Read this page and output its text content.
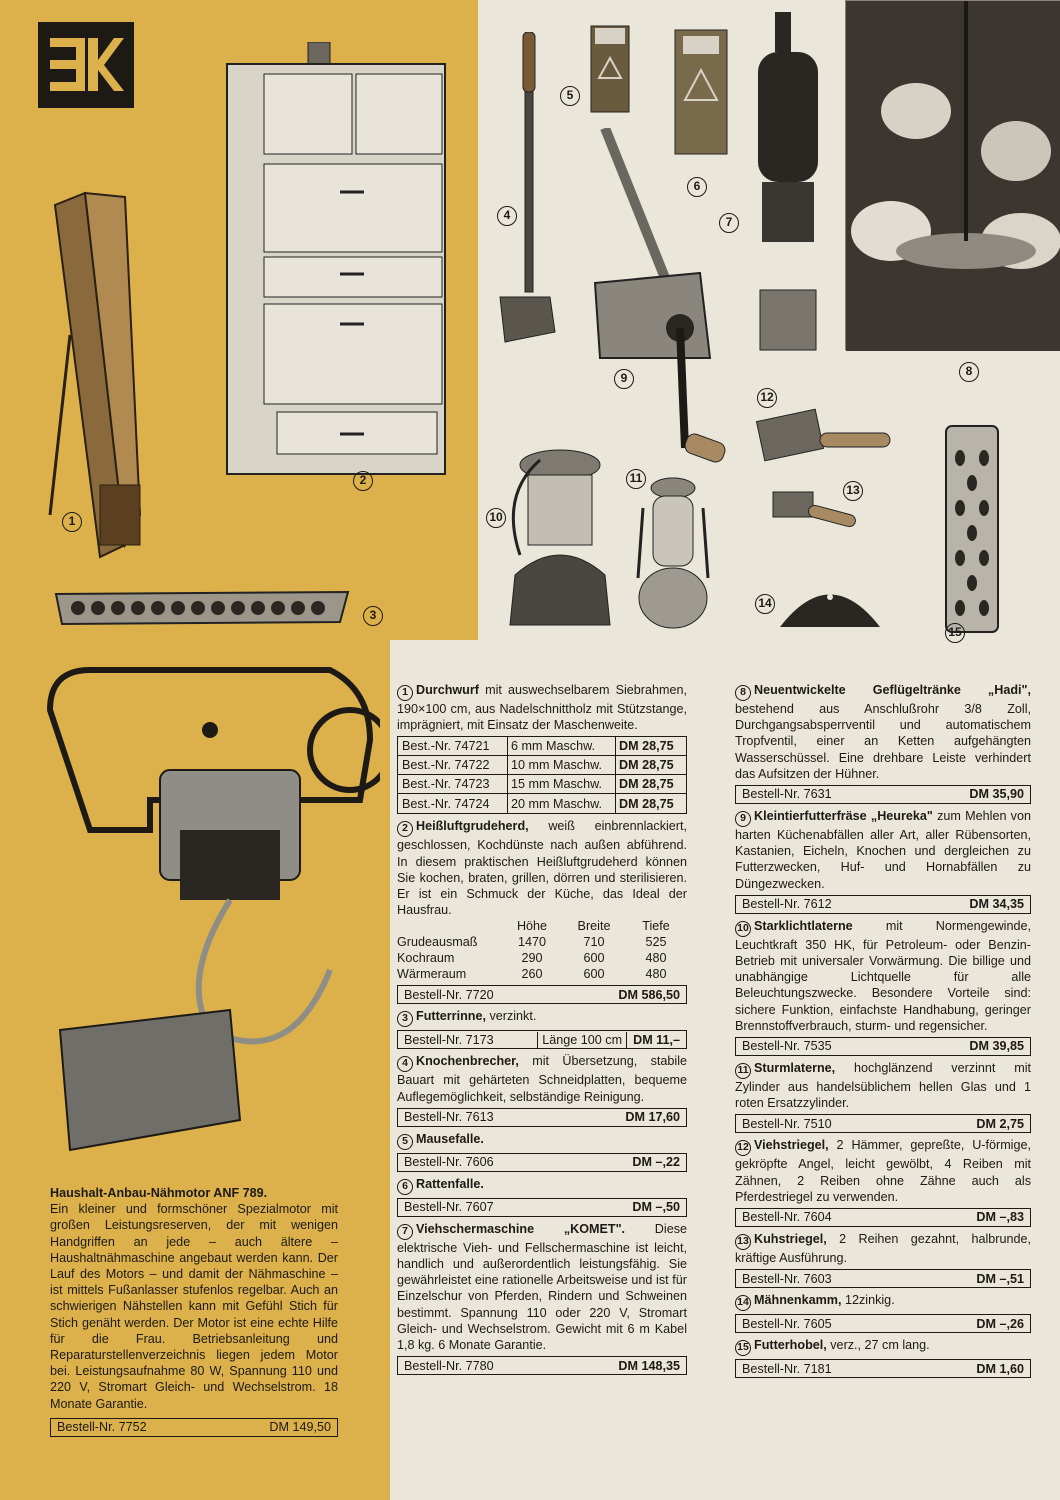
1
2
3
4
5
6
7
8
9
10
11
12
13
14
15
Haushalt-Anbau-Nähmotor ANF 789.
Ein kleiner und formschöner Spezialmotor mit großen Leistungsreserven, der mit wenigen Handgriffen an jede – auch ältere – Haushaltnähmaschine angebaut werden kann. Der Lauf des Motors – und damit der Nähmaschine – ist mittels Fußanlasser stufenlos regelbar. Auch an schwierigen Nähstellen kann mit Gefühl Stich für Stich genäht werden. Der Motor ist eine echte Hilfe für die Frau. Betriebsanleitung und Reparaturstellenverzeichnis liegen jedem Motor bei. Leistungsaufnahme 80 W, Spannung 110 und 220 V, Stromart Gleich- und Wechselstrom. 18 Monate Garantie.
Bestell-Nr. 7752	DM 149,50
1 Durchwurf mit auswechselbarem Siebrahmen, 190×100 cm, aus Nadelschnittholz mit Stützstange, imprägniert, mit Einsatz der Maschenweite.
Best.-Nr. 74721	6 mm Maschw.	DM 28,75
Best.-Nr. 74722	10 mm Maschw.	DM 28,75
Best.-Nr. 74723	15 mm Maschw.	DM 28,75
Best.-Nr. 74724	20 mm Maschw.	DM 28,75
2 Heißluftgrudeherd, weiß einbrennlackiert, geschlossen, Kochdünste nach außen abführend. In diesem praktischen Heißluftgrudeherd können Sie kochen, braten, grillen, dörren und sterilisieren. Er ist ein Schmuck der Küche, das Ideal der Hausfrau.
	Höhe	Breite	Tiefe
Grudeausmaß	1470	710	525
Kochraum	290	600	480
Wärmeraum	260	600	480
Bestell-Nr. 7720	DM 586,50
3 Futterrinne, verzinkt.
Bestell-Nr. 7173	Länge 100 cm DM 11,–
4 Knochenbrecher, mit Übersetzung, stabile Bauart mit gehärteten Schneidplatten, bequeme Auflegemöglichkeit, selbständige Reinigung.
Bestell-Nr. 7613	DM 17,60
5 Mausefalle.
Bestell-Nr. 7606	DM –,22
6 Rattenfalle.
Bestell-Nr. 7607	DM –,50
7 Viehschermaschine „KOMET". Diese elektrische Vieh- und Fellschermaschine ist leicht, handlich und außerordentlich leistungsfähig. Sie gewährleistet eine rationelle Arbeitsweise und ist für Einzelschur von Pferden, Rindern und Schweinen bestimmt. Spannung 110 oder 220 V, Stromart Gleich- und Wechselstrom. Gewicht mit 6 m Kabel 1,8 kg. 6 Monate Garantie.
Bestell-Nr. 7780	DM 148,35
8 Neuentwickelte Geflügeltränke „Hadi", bestehend aus Anschlußrohr 3/8 Zoll, Durchgangsabsperrventil und automatischem Tropfventil, einer an Ketten aufgehängten Wasserschüssel. Eine drehbare Leiste verhindert das Aufsitzen der Hühner.
Bestell-Nr. 7631	DM 35,90
9 Kleintierfutterfräse „Heureka" zum Mehlen von harten Küchenabfällen aller Art, aller Rübensorten, Kastanien, Eicheln, Knochen und dergleichen zu Futterzwecken, Huf- und Hornabfällen zu Düngezwecken.
Bestell-Nr. 7612	DM 34,35
10 Starklichtlaterne mit Normengewinde, Leuchtkraft 350 HK, für Petroleum- oder Benzin-Betrieb mit universaler Vorwärmung. Die billige und unabhängige Lichtquelle für alle Beleuchtungszwecke. Besondere Vorteile sind: sichere Funktion, einfachste Handhabung, geringer Brennstoffverbrauch, sturm- und regensicher.
Bestell-Nr. 7535	DM 39,85
11 Sturmlaterne, hochglänzend verzinnt mit Zylinder aus handelsüblichem hellen Glas und 1 roten Ersatzzylinder.
Bestell-Nr. 7510	DM 2,75
12 Viehstriegel, 2 Hämmer, gepreßte, U-förmige, gekröpfte Angel, leicht gewölbt, 4 Reiben mit Zähnen, 2 Reiben ohne Zähne auch als Pferdestriegel zu verwenden.
Bestell-Nr. 7604	DM –,83
13 Kuhstriegel, 2 Reihen gezahnt, halbrunde, kräftige Ausführung.
Bestell-Nr. 7603	DM –,51
14 Mähnenkamm, 12zinkig.
Bestell-Nr. 7605	DM –,26
15 Futterhobel, verz., 27 cm lang.
Bestell-Nr. 7181	DM 1,60
